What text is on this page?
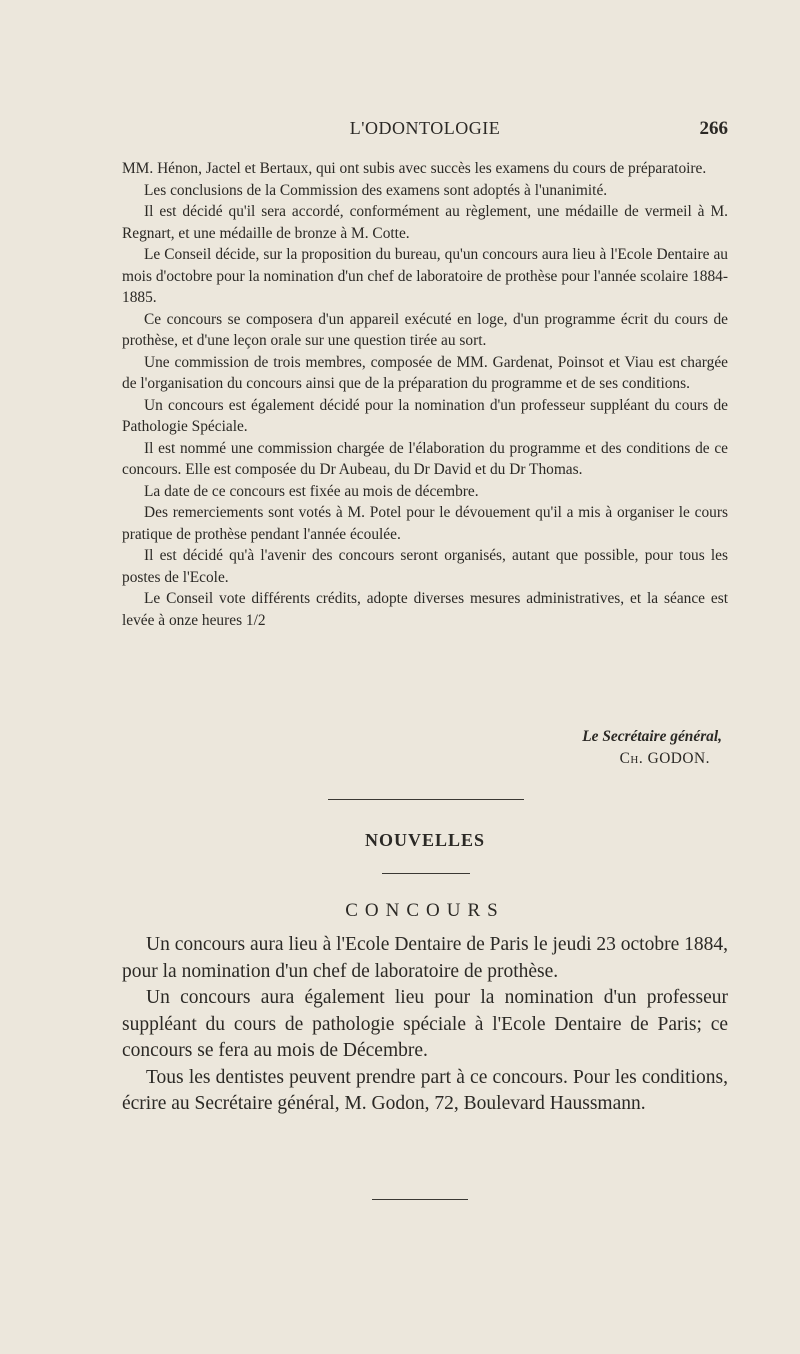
L'ODONTOLOGIE	266

MM. Hénon, Jactel et Bertaux, qui ont subis avec succès les examens du cours de préparatoire.

Les conclusions de la Commission des examens sont adoptés à l'unanimité.

Il est décidé qu'il sera accordé, conformément au règlement, une médaille de vermeil à M. Regnart, et une médaille de bronze à M. Cotte.

Le Conseil décide, sur la proposition du bureau, qu'un concours aura lieu à l'Ecole Dentaire au mois d'octobre pour la nomination d'un chef de laboratoire de prothèse pour l'année scolaire 1884-1885.

Ce concours se composera d'un appareil exécuté en loge, d'un programme écrit du cours de prothèse, et d'une leçon orale sur une question tirée au sort.

Une commission de trois membres, composée de MM. Gardenat, Poinsot et Viau est chargée de l'organisation du concours ainsi que de la préparation du programme et de ses conditions.

Un concours est également décidé pour la nomination d'un professeur suppléant du cours de Pathologie Spéciale.

Il est nommé une commission chargée de l'élaboration du programme et des conditions de ce concours. Elle est composée du Dr Aubeau, du Dr David et du Dr Thomas.

La date de ce concours est fixée au mois de décembre.

Des remerciements sont votés à M. Potel pour le dévouement qu'il a mis à organiser le cours pratique de prothèse pendant l'année écoulée.

Il est décidé qu'à l'avenir des concours seront organisés, autant que possible, pour tous les postes de l'Ecole.

Le Conseil vote différents crédits, adopte diverses mesures administratives, et la séance est levée à onze heures 1/2

Le Secrétaire général,
Ch. GODON.
NOUVELLES
CONCOURS

Un concours aura lieu à l'Ecole Dentaire de Paris le jeudi 23 octobre 1884, pour la nomination d'un chef de laboratoire de prothèse.

Un concours aura également lieu pour la nomination d'un professeur suppléant du cours de pathologie spéciale à l'Ecole Dentaire de Paris; ce concours se fera au mois de Décembre.

Tous les dentistes peuvent prendre part à ce concours. Pour les conditions, écrire au Secrétaire général, M. Godon, 72, Boulevard Haussmann.
